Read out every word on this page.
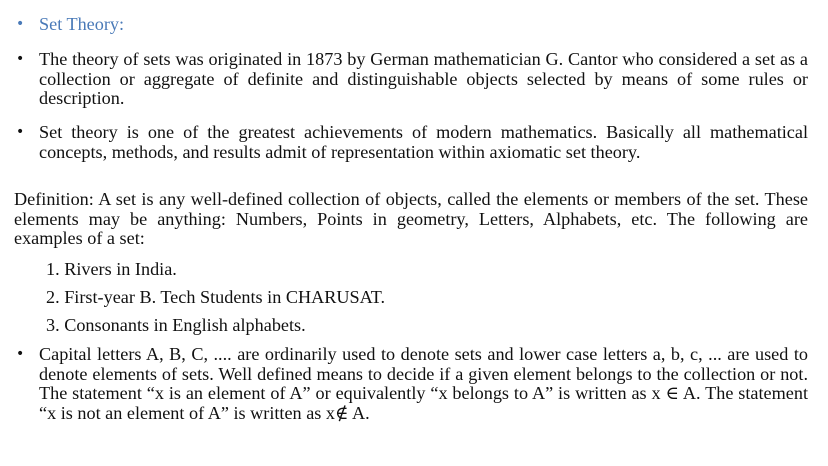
• Set Theory:
• The theory of sets was originated in 1873 by German mathematician G. Cantor who considered a set as a collection or aggregate of definite and distinguishable objects selected by means of some rules or description.
• Set theory is one of the greatest achievements of modern mathematics. Basically all mathematical concepts, methods, and results admit of representation within axiomatic set theory.
Definition: A set is any well-defined collection of objects, called the elements or members of the set. These elements may be anything: Numbers, Points in geometry, Letters, Alphabets, etc. The following are examples of a set:
1. Rivers in India.
2. First-year B. Tech Students in CHARUSAT.
3. Consonants in English alphabets.
• Capital letters A, B, C, .... are ordinarily used to denote sets and lower case letters a, b, c, ... are used to denote elements of sets. Well defined means to decide if a given element belongs to the collection or not. The statement “x is an element of A” or equivalently “x belongs to A” is written as x ∈ A. The statement “x is not an element of A” is written as x∉ A.
